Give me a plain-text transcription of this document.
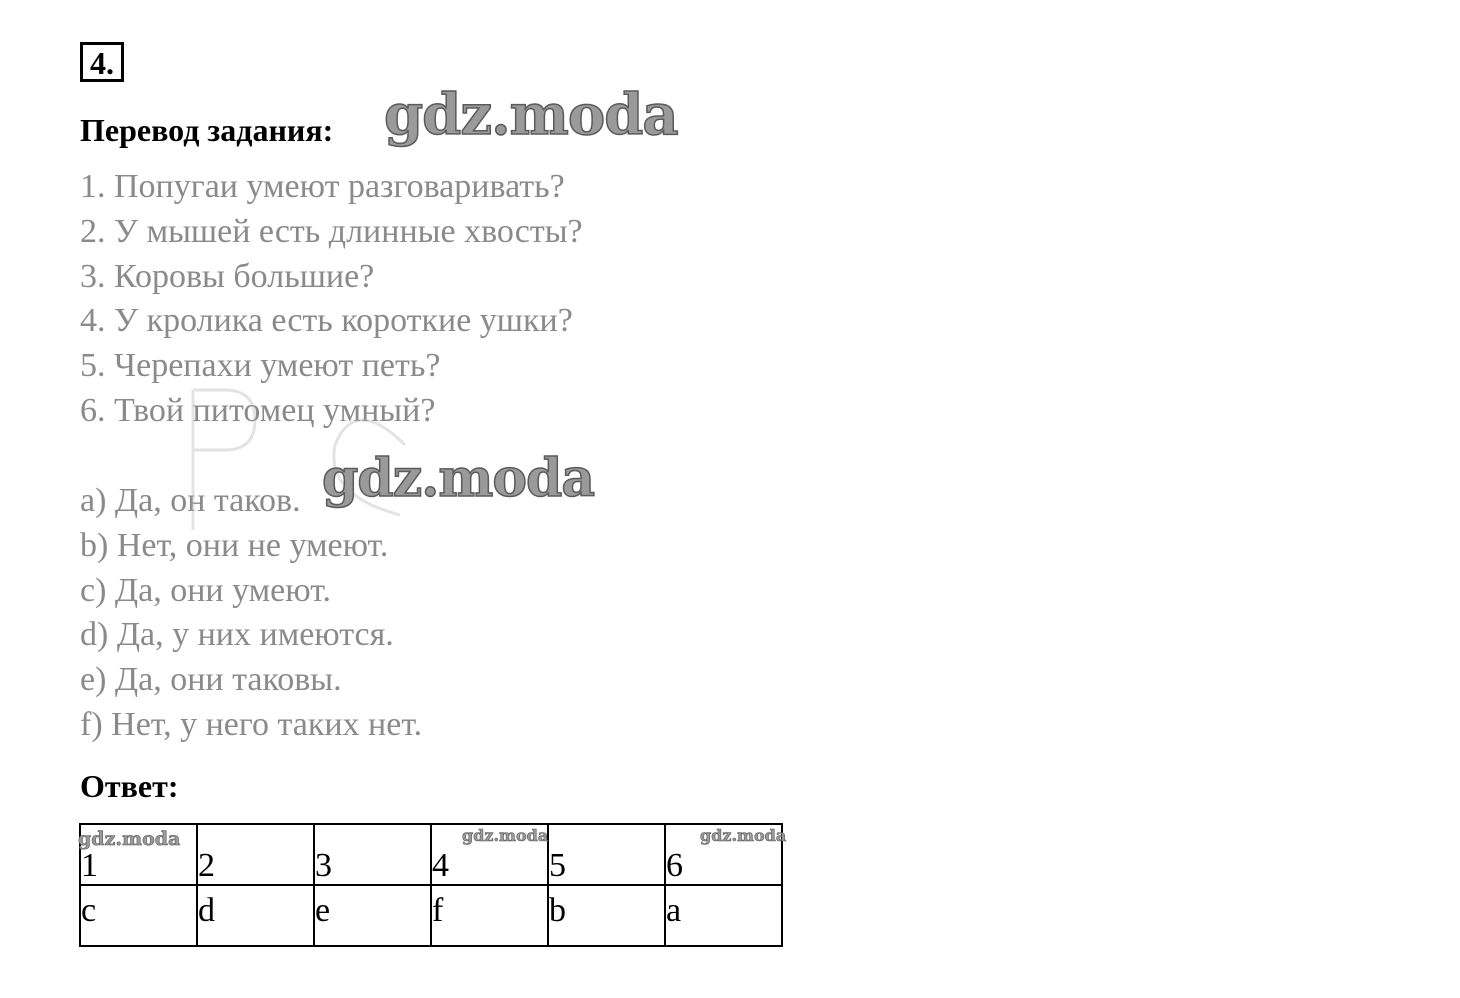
4.
Перевод задания:
1. Попугаи умеют разговаривать?
2. У мышей есть длинные хвосты?
3. Коровы большие?
4. У кролика есть короткие ушки?
5. Черепахи умеют петь?
6. Твой питомец умный?
a) Да, он таков.
b) Нет, они не умеют.
c) Да, они умеют.
d) Да, у них имеются.
e) Да, они таковы.
f) Нет, у него таких нет.
Ответ:
1	2	3	4	5	6

c	d	e	f	b	a
gdz.moda
gdz.moda
gdz.moda	gdz.moda	gdz.moda
